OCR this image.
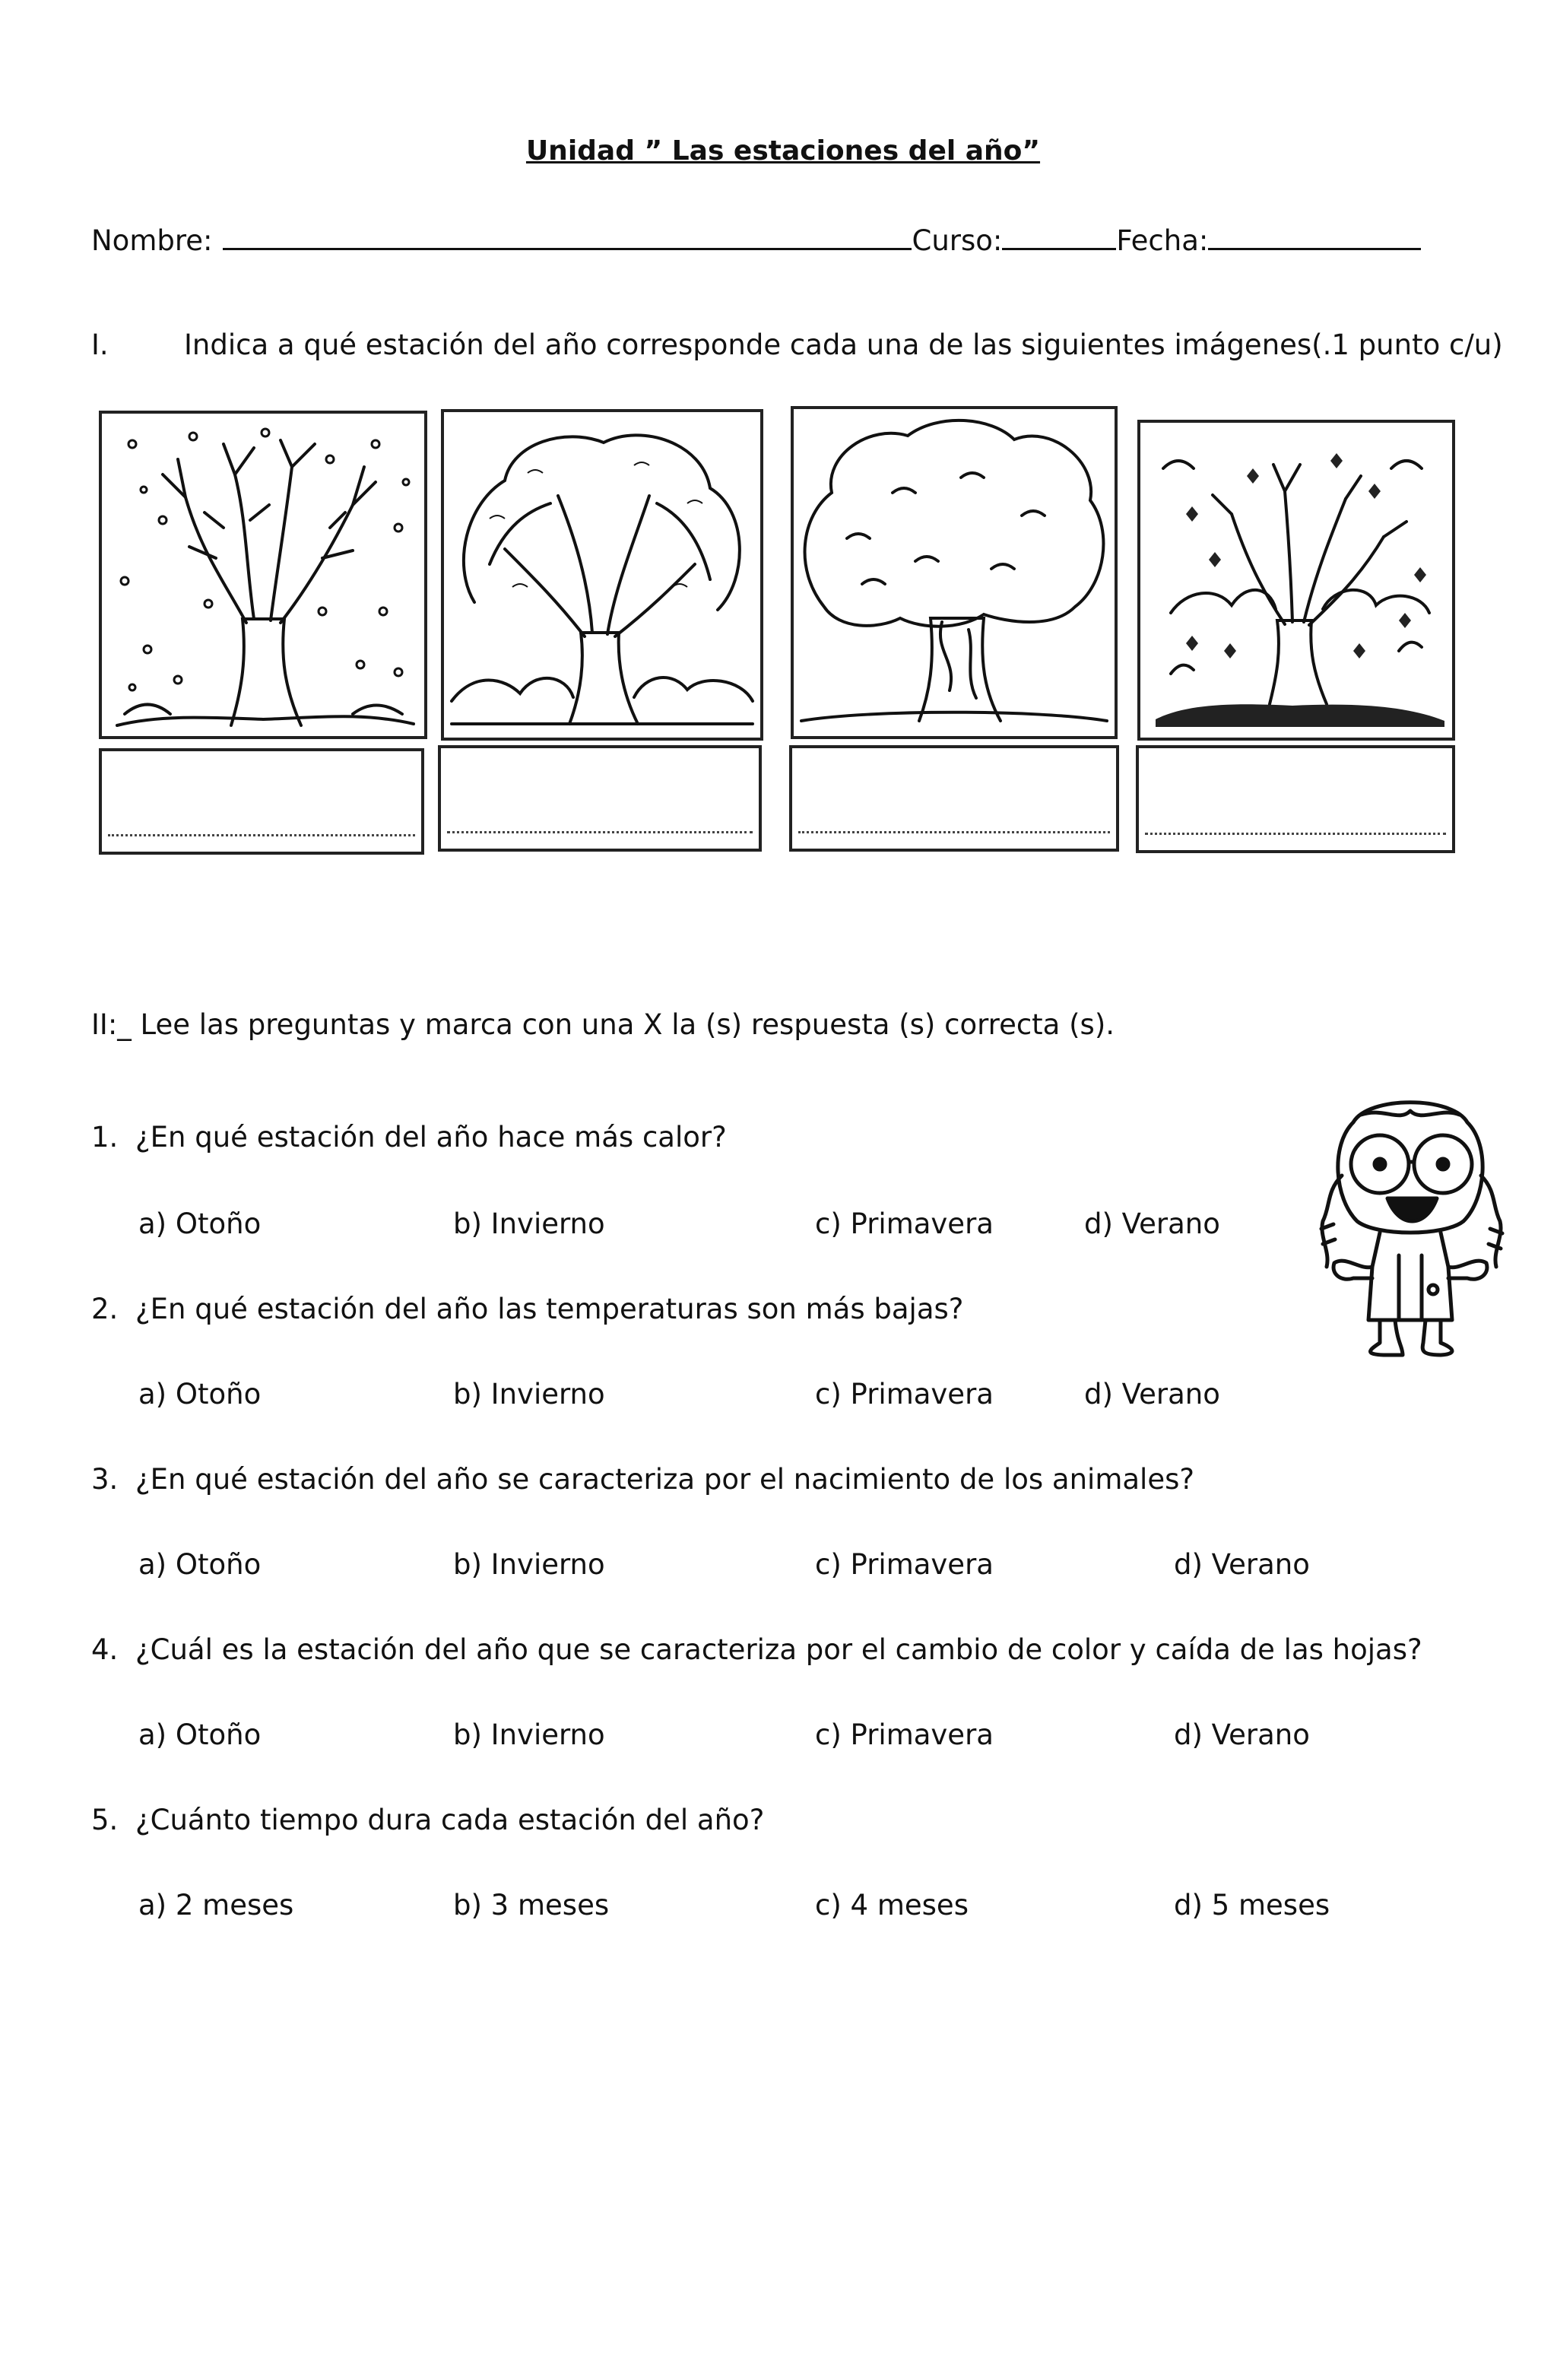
Unidad ” Las estaciones del año”
Nombre:	Curso:	Fecha:
I.	Indica a qué estación del año corresponde cada una de las siguientes imágenes(.1 punto c/u)
II:_ Lee las preguntas y marca con una X la (s) respuesta (s) correcta (s).
1. ¿En qué estación del año hace más calor?
a) Otoño	b) Invierno	c) Primavera	d) Verano
2. ¿En qué estación del año las temperaturas son más bajas?
a) Otoño	b) Invierno	c) Primavera	d) Verano
3. ¿En qué estación del año se caracteriza por el nacimiento de los animales?
a) Otoño	b) Invierno	c) Primavera	d) Verano
4. ¿Cuál es la estación del año que se caracteriza por el cambio de color y caída de las hojas?
a) Otoño	b) Invierno	c) Primavera	d) Verano
5. ¿Cuánto tiempo dura cada estación del año?
a) 2 meses	b) 3 meses	c) 4 meses	d) 5 meses
